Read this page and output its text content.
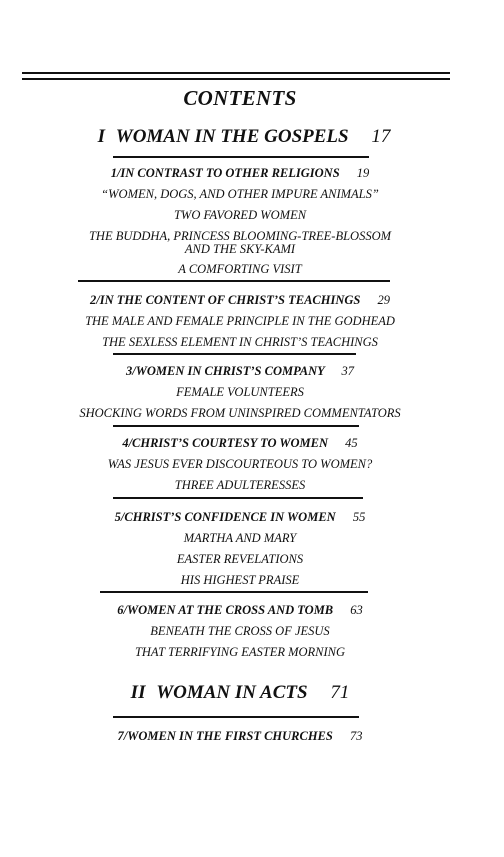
CONTENTS
I WOMAN IN THE GOSPELS 17
1/IN CONTRAST TO OTHER RELIGIONS 19
“WOMEN, DOGS, AND OTHER IMPURE ANIMALS”
TWO FAVORED WOMEN
THE BUDDHA, PRINCESS BLOOMING-TREE-BLOSSOM
AND THE SKY-KAMI
A COMFORTING VISIT
2/IN THE CONTENT OF CHRIST’S TEACHINGS 29
THE MALE AND FEMALE PRINCIPLE IN THE GODHEAD
THE SEXLESS ELEMENT IN CHRIST’S TEACHINGS
3/WOMEN IN CHRIST’S COMPANY 37
FEMALE VOLUNTEERS
SHOCKING WORDS FROM UNINSPIRED COMMENTATORS
4/CHRIST’S COURTESY TO WOMEN 45
WAS JESUS EVER DISCOURTEOUS TO WOMEN?
THREE ADULTERESSES
5/CHRIST’S CONFIDENCE IN WOMEN 55
MARTHA AND MARY
EASTER REVELATIONS
HIS HIGHEST PRAISE
6/WOMEN AT THE CROSS AND TOMB 63
BENEATH THE CROSS OF JESUS
THAT TERRIFYING EASTER MORNING
II WOMAN IN ACTS 71
7/WOMEN IN THE FIRST CHURCHES 73
